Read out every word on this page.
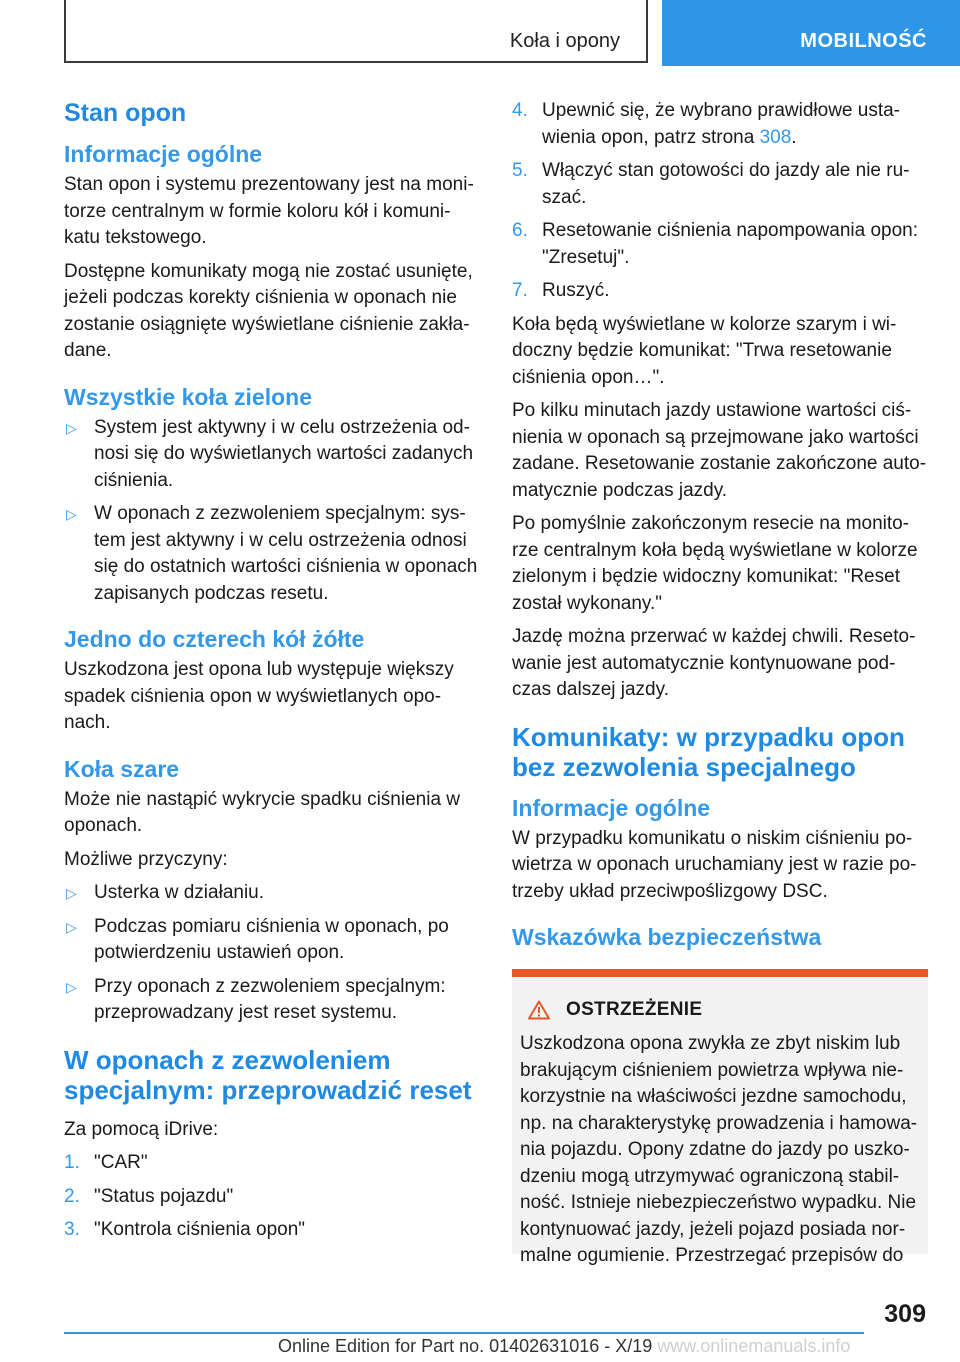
Koła i opony	MOBILNOŚĆ
Stan opon
Informacje ogólne

Stan opon i systemu prezentowany jest na monitorze centralnym w formie koloru kół i komunikatu tekstowego.

Dostępne komunikaty mogą nie zostać usunięte, jeżeli podczas korekty ciśnienia w oponach nie zostanie osiągnięte wyświetlane ciśnienie zakładane.

Wszystkie koła zielone
▷ System jest aktywny i w celu ostrzeżenia odnosi się do wyświetlanych wartości zadanych ciśnienia.
▷ W oponach z zezwoleniem specjalnym: system jest aktywny i w celu ostrzeżenia odnosi się do ostatnich wartości ciśnienia w oponach zapisanych podczas resetu.
Jedno do czterech kół żółte

Uszkodzona jest opona lub występuje większy spadek ciśnienia opon w wyświetlanych oponach.

Koła szare

Może nie nastąpić wykrycie spadku ciśnienia w oponach.

Możliwe przyczyny:

▷ Usterka w działaniu.
▷ Podczas pomiaru ciśnienia w oponach, po potwierdzeniu ustawień opon.
▷ Przy oponach z zezwoleniem specjalnym: przeprowadzany jest reset systemu.
W oponach z zezwoleniem specjalnym: przeprowadzić reset

Za pomocą iDrive:

1. "CAR"
2. "Status pojazdu"
3. "Kontrola ciśnienia opon"
4. Upewnić się, że wybrano prawidłowe ustawienia opon, patrz strona 308.
5. Włączyć stan gotowości do jazdy ale nie ruszać.
6. Resetowanie ciśnienia napompowania opon: "Zresetuj".
7. Ruszyć.

Koła będą wyświetlane w kolorze szarym i widoczny będzie komunikat: "Trwa resetowanie ciśnienia opon…".

Po kilku minutach jazdy ustawione wartości ciśnienia w oponach są przejmowane jako wartości zadane. Resetowanie zostanie zakończone automatycznie podczas jazdy.

Po pomyślnie zakończonym resecie na monitorze centralnym koła będą wyświetlane w kolorze zielonym i będzie widoczny komunikat: "Reset został wykonany."

Jazdę można przerwać w każdej chwili. Resetowanie jest automatycznie kontynuowane podczas dalszej jazdy.

Komunikaty: w przypadku opon bez zezwolenia specjalnego
Informacje ogólne

W przypadku komunikatu o niskim ciśnieniu powietrza w oponach uruchamiany jest w razie potrzeby układ przeciwpoślizgowy DSC.

Wskazówka bezpieczeństwa
OSTRZEŻENIE

Uszkodzona opona zwykła ze zbyt niskim lub brakującym ciśnieniem powietrza wpływa niekorzystnie na właściwości jezdne samochodu, np. na charakterystykę prowadzenia i hamowania pojazdu. Opony zdatne do jazdy po uszkodzeniu mogą utrzymywać ograniczoną stabilność. Istnieje niebezpieczeństwo wypadku. Nie kontynuować jazdy, jeżeli pojazd posiada normalne ogumienie. Przestrzegać przepisów do

309
Online Edition for Part no. 01402631016 - X/19 www.onlinemanuals.info
